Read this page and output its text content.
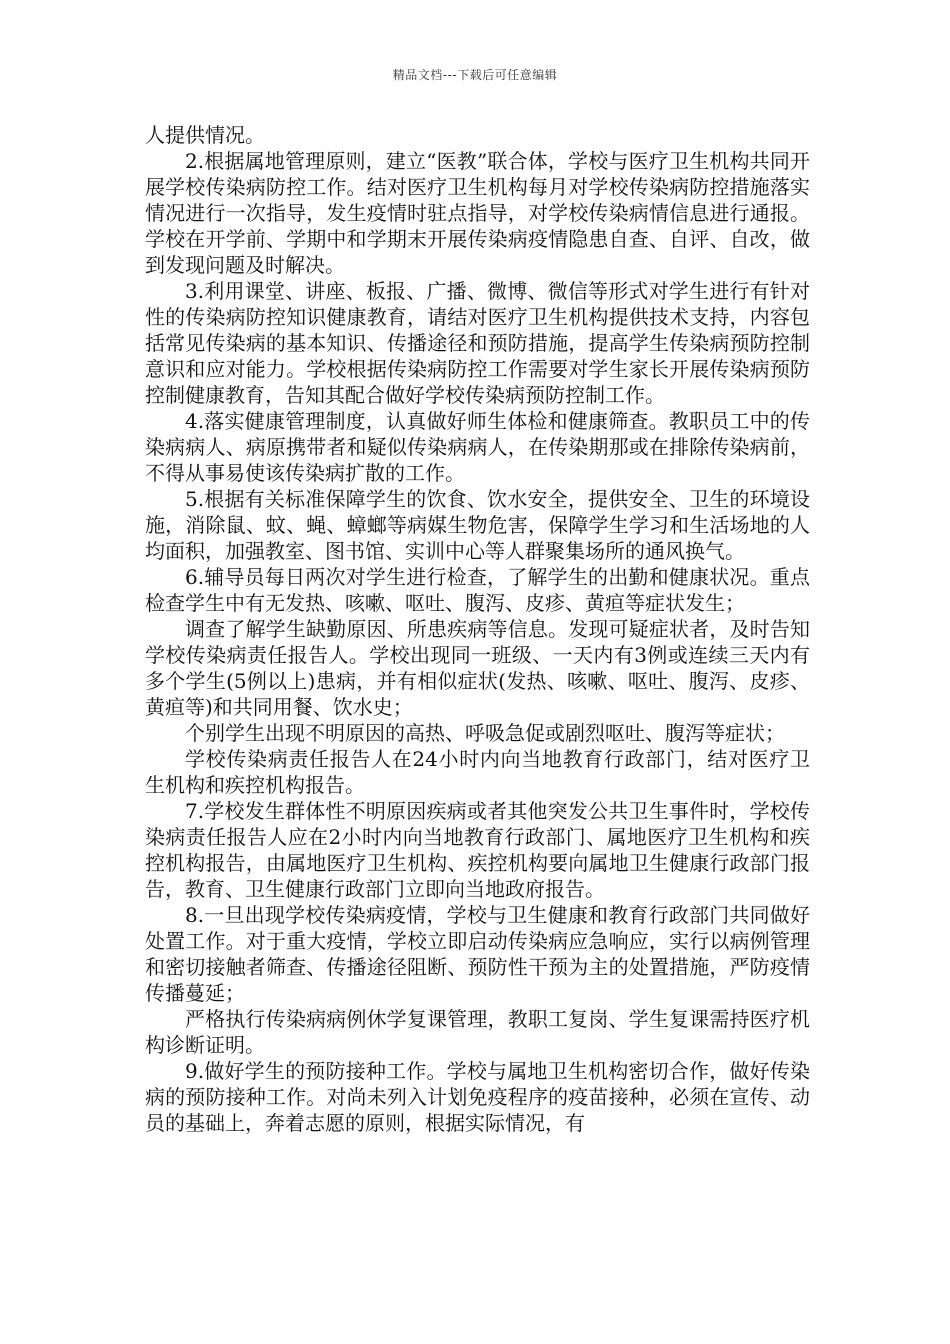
精品文档---下载后可任意编辑

人提供情况。

2.根据属地管理原则，建立“医教”联合体，学校与医疗卫生机构共同开展学校传染病防控工作。结对医疗卫生机构每月对学校传染病防控措施落实情况进行一次指导，发生疫情时驻点指导，对学校传染病情信息进行通报。学校在开学前、学期中和学期末开展传染病疫情隐患自查、自评、自改，做到发现问题及时解决。

3.利用课堂、讲座、板报、广播、微博、微信等形式对学生进行有针对性的传染病防控知识健康教育，请结对医疗卫生机构提供技术支持，内容包括常见传染病的基本知识、传播途径和预防措施，提高学生传染病预防控制意识和应对能力。学校根据传染病防控工作需要对学生家长开展传染病预防控制健康教育，告知其配合做好学校传染病预防控制工作。

4.落实健康管理制度，认真做好师生体检和健康筛查。教职员工中的传染病病人、病原携带者和疑似传染病病人，在传染期那或在排除传染病前，不得从事易使该传染病扩散的工作。

5.根据有关标准保障学生的饮食、饮水安全，提供安全、卫生的环境设施，消除鼠、蚊、蝇、蟑螂等病媒生物危害，保障学生学习和生活场地的人均面积，加强教室、图书馆、实训中心等人群聚集场所的通风换气。

6.辅导员每日两次对学生进行检查，了解学生的出勤和健康状况。重点检查学生中有无发热、咳嗽、呕吐、腹泻、皮疹、黄疸等症状发生；

调查了解学生缺勤原因、所患疾病等信息。发现可疑症状者，及时告知学校传染病责任报告人。学校出现同一班级、一天内有3例或连续三天内有多个学生(5例以上)患病，并有相似症状(发热、咳嗽、呕吐、腹泻、皮疹、黄疸等)和共同用餐、饮水史；

个别学生出现不明原因的高热、呼吸急促或剧烈呕吐、腹泻等症状；

学校传染病责任报告人在24小时内向当地教育行政部门，结对医疗卫生机构和疾控机构报告。

7.学校发生群体性不明原因疾病或者其他突发公共卫生事件时，学校传染病责任报告人应在2小时内向当地教育行政部门、属地医疗卫生机构和疾控机构报告，由属地医疗卫生机构、疾控机构要向属地卫生健康行政部门报告，教育、卫生健康行政部门立即向当地政府报告。

8.一旦出现学校传染病疫情，学校与卫生健康和教育行政部门共同做好处置工作。对于重大疫情，学校立即启动传染病应急响应，实行以病例管理和密切接触者筛查、传播途径阻断、预防性干预为主的处置措施，严防疫情传播蔓延；

严格执行传染病病例休学复课管理，教职工复岗、学生复课需持医疗机构诊断证明。

9.做好学生的预防接种工作。学校与属地卫生机构密切合作，做好传染病的预防接种工作。对尚未列入计划免疫程序的疫苗接种，必须在宣传、动员的基础上，奔着志愿的原则，根据实际情况，有
